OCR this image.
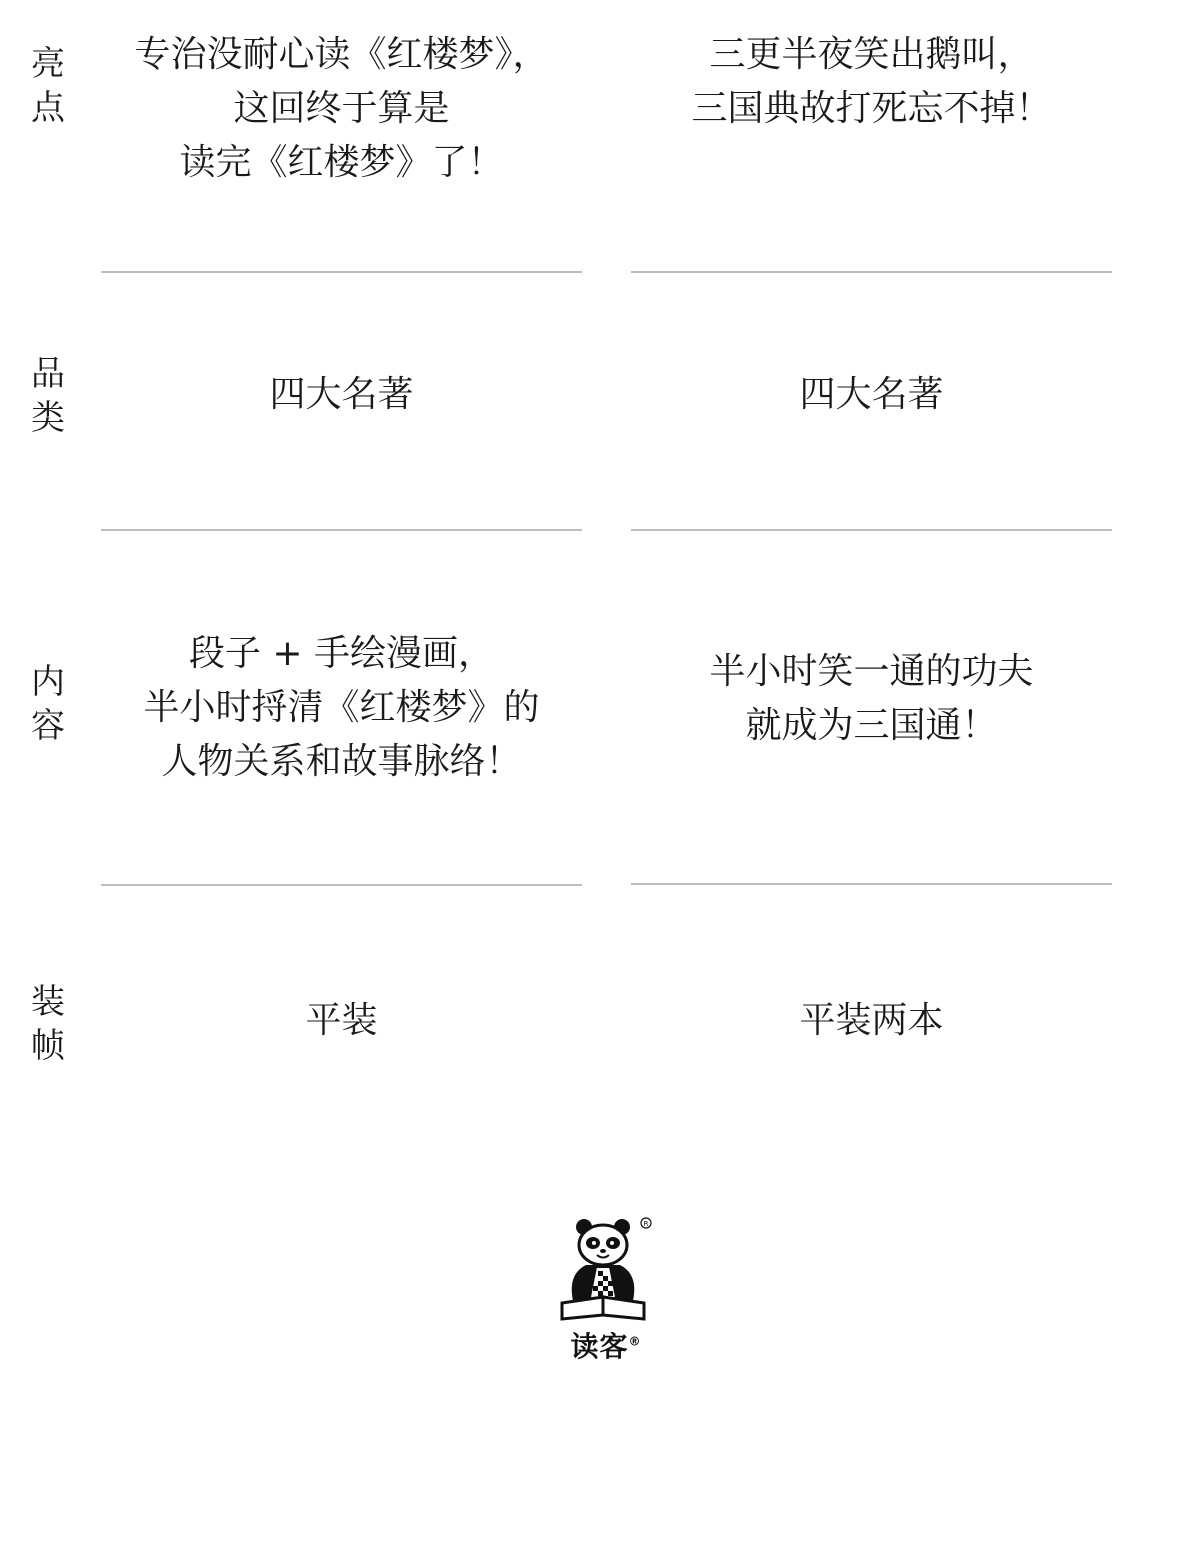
亮
点
专治没耐心读《红楼梦》，
这回终于算是
读完《红楼梦》了！
三更半夜笑出鹅叫，
三国典故打死忘不掉！
品
类
四大名著	四大名著
内
容
段子 + 手绘漫画，
半小时捋清《红楼梦》的
人物关系和故事脉络！
半小时笑一通的功夫
就成为三国通！
装
帧
平装	平装两本
R
读客®
